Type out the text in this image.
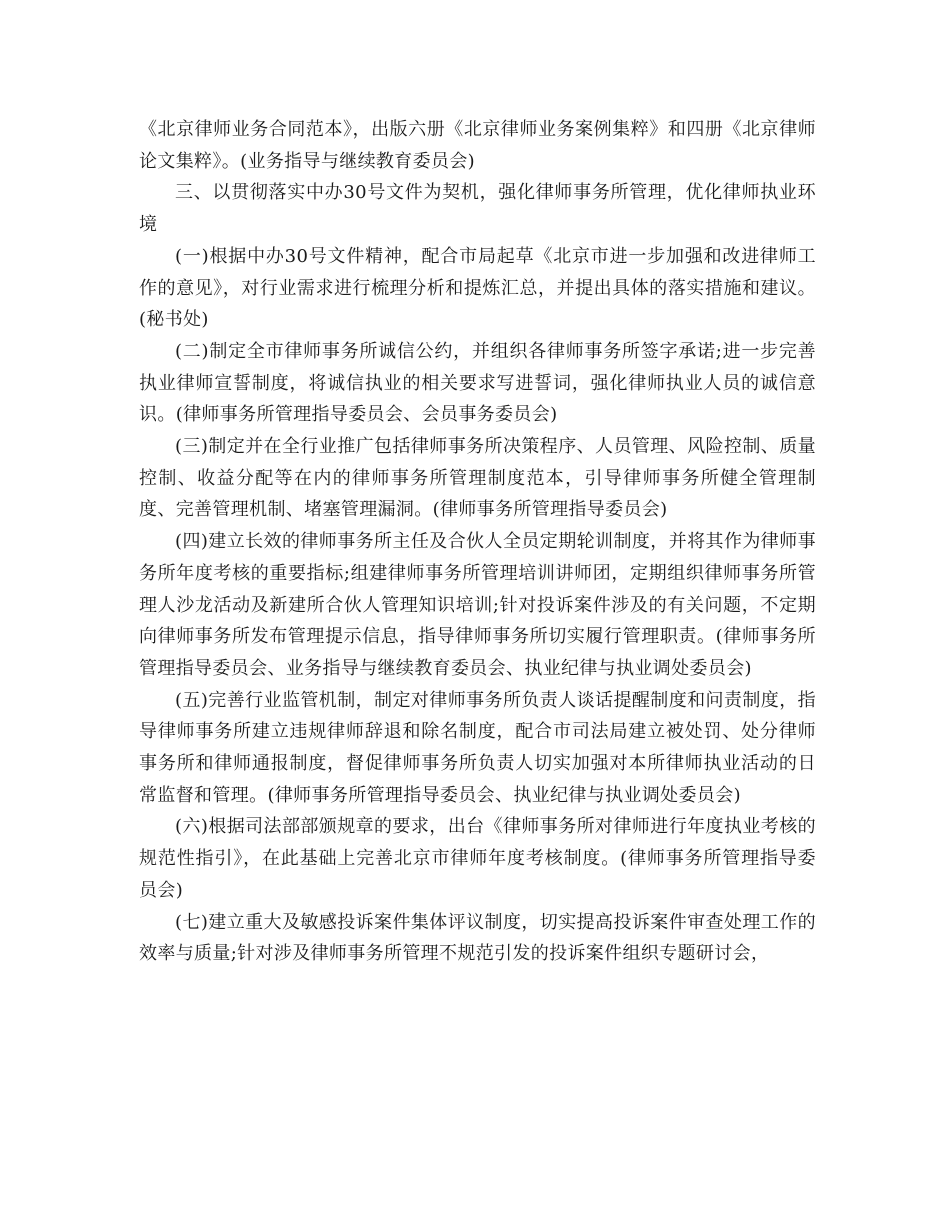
《北京律师业务合同范本》，出版六册《北京律师业务案例集粹》和四册《北京律师论文集粹》。(业务指导与继续教育委员会)

三、以贯彻落实中办30号文件为契机，强化律师事务所管理，优化律师执业环境

(一)根据中办30号文件精神，配合市局起草《北京市进一步加强和改进律师工作的意见》，对行业需求进行梳理分析和提炼汇总，并提出具体的落实措施和建议。(秘书处)

(二)制定全市律师事务所诚信公约，并组织各律师事务所签字承诺;进一步完善执业律师宣誓制度，将诚信执业的相关要求写进誓词，强化律师执业人员的诚信意识。(律师事务所管理指导委员会、会员事务委员会)

(三)制定并在全行业推广包括律师事务所决策程序、人员管理、风险控制、质量控制、收益分配等在内的律师事务所管理制度范本，引导律师事务所健全管理制度、完善管理机制、堵塞管理漏洞。(律师事务所管理指导委员会)

(四)建立长效的律师事务所主任及合伙人全员定期轮训制度，并将其作为律师事务所年度考核的重要指标;组建律师事务所管理培训讲师团，定期组织律师事务所管理人沙龙活动及新建所合伙人管理知识培训;针对投诉案件涉及的有关问题，不定期向律师事务所发布管理提示信息，指导律师事务所切实履行管理职责。(律师事务所管理指导委员会、业务指导与继续教育委员会、执业纪律与执业调处委员会)

(五)完善行业监管机制，制定对律师事务所负责人谈话提醒制度和问责制度，指导律师事务所建立违规律师辞退和除名制度，配合市司法局建立被处罚、处分律师事务所和律师通报制度，督促律师事务所负责人切实加强对本所律师执业活动的日常监督和管理。(律师事务所管理指导委员会、执业纪律与执业调处委员会)

(六)根据司法部部颁规章的要求，出台《律师事务所对律师进行年度执业考核的规范性指引》，在此基础上完善北京市律师年度考核制度。(律师事务所管理指导委员会)

(七)建立重大及敏感投诉案件集体评议制度，切实提高投诉案件审查处理工作的效率与质量;针对涉及律师事务所管理不规范引发的投诉案件组织专题研讨会，
